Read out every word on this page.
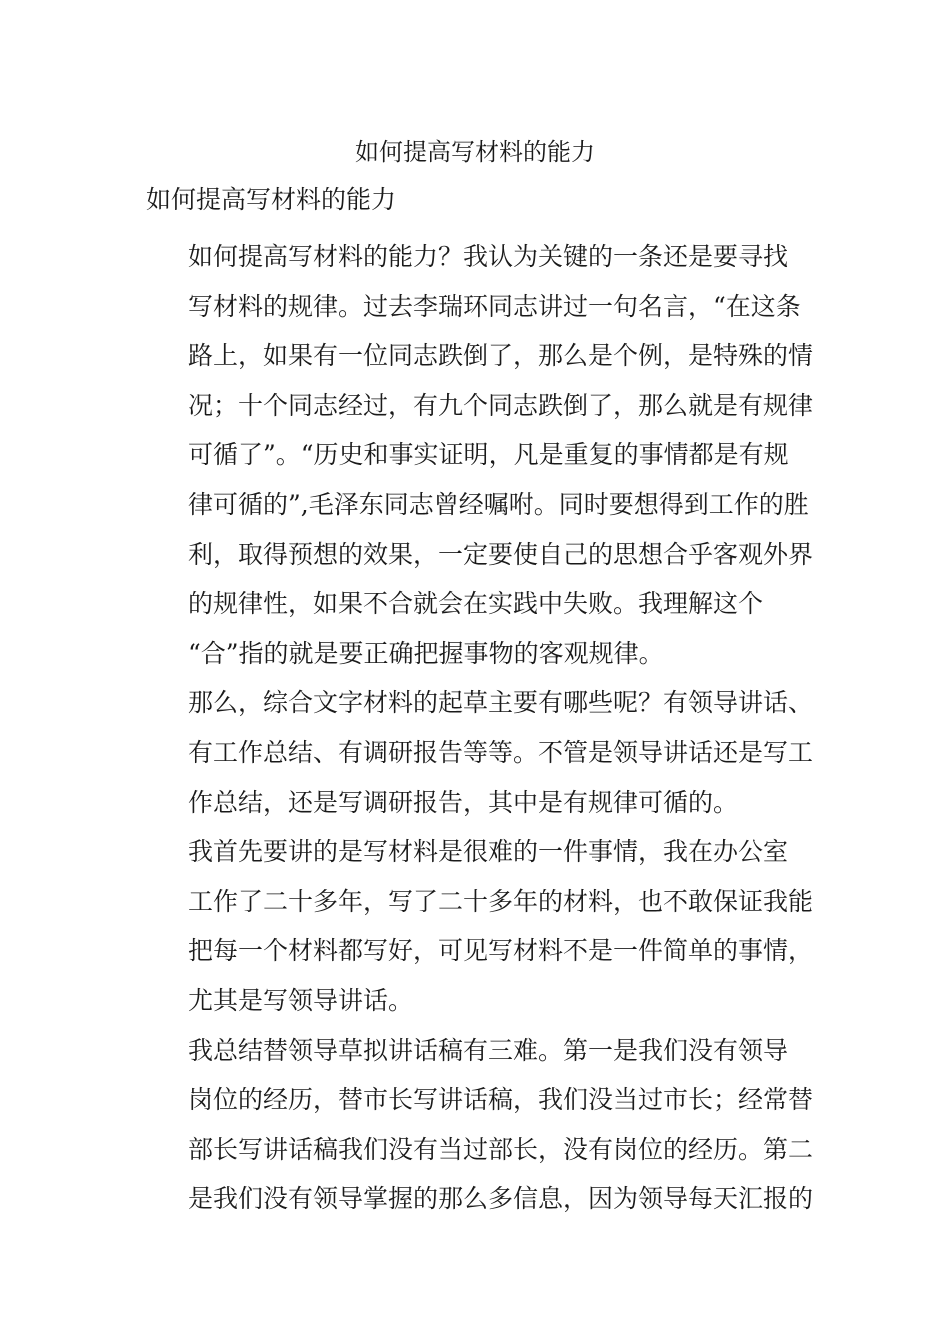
如何提高写材料的能力
如何提高写材料的能力

如何提高写材料的能力？我认为关键的一条还是要寻找
写材料的规律。过去李瑞环同志讲过一句名言，“在这条
路上，如果有一位同志跌倒了，那么是个例，是特殊的情
况；十个同志经过，有九个同志跌倒了，那么就是有规律
可循了”。“历史和事实证明，凡是重复的事情都是有规
律可循的”,毛泽东同志曾经嘱咐。同时要想得到工作的胜
利，取得预想的效果，一定要使自己的思想合乎客观外界
的规律性，如果不合就会在实践中失败。我理解这个
“合”指的就是要正确把握事物的客观规律。

那么，综合文字材料的起草主要有哪些呢？有领导讲话、
有工作总结、有调研报告等等。不管是领导讲话还是写工
作总结，还是写调研报告，其中是有规律可循的。

我首先要讲的是写材料是很难的一件事情，我在办公室
工作了二十多年，写了二十多年的材料，也不敢保证我能
把每一个材料都写好，可见写材料不是一件简单的事情，
尤其是写领导讲话。

我总结替领导草拟讲话稿有三难。第一是我们没有领导
岗位的经历，替市长写讲话稿，我们没当过市长；经常替
部长写讲话稿我们没有当过部长，没有岗位的经历。第二
是我们没有领导掌握的那么多信息，因为领导每天汇报的
